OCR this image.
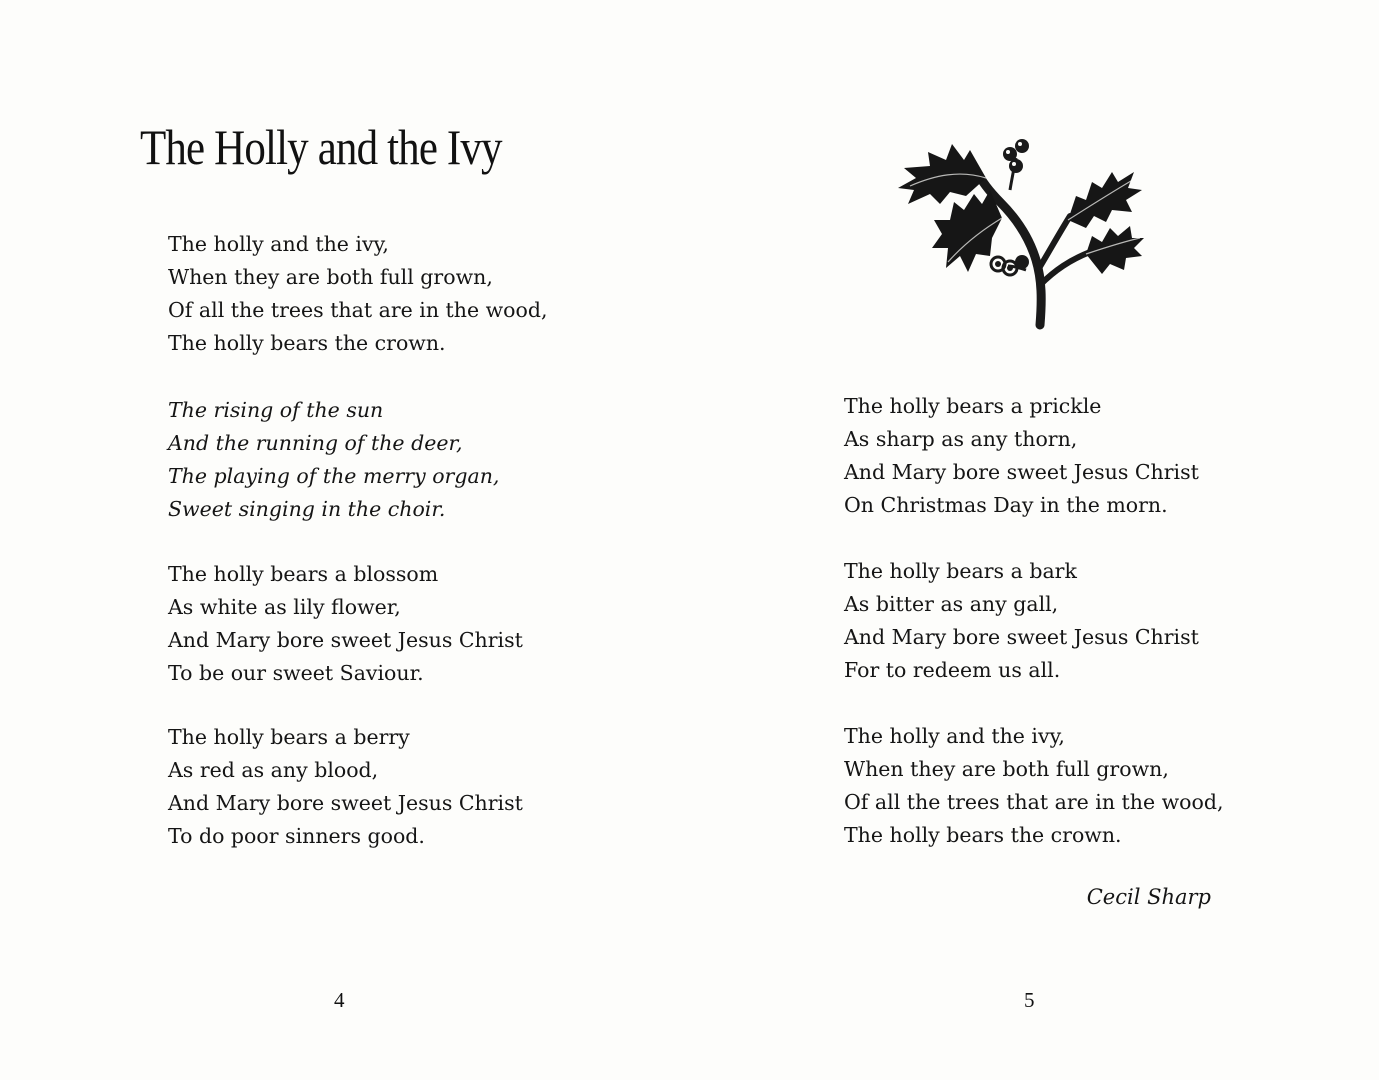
The Holly and the Ivy
The holly and the ivy,
When they are both full grown,
Of all the trees that are in the wood,
The holly bears the crown.
The rising of the sun
And the running of the deer,
The playing of the merry organ,
Sweet singing in the choir.
The holly bears a blossom
As white as lily flower,
And Mary bore sweet Jesus Christ
To be our sweet Saviour.
The holly bears a berry
As red as any blood,
And Mary bore sweet Jesus Christ
To do poor sinners good.
4
The holly bears a prickle
As sharp as any thorn,
And Mary bore sweet Jesus Christ
On Christmas Day in the morn.
The holly bears a bark
As bitter as any gall,
And Mary bore sweet Jesus Christ
For to redeem us all.
The holly and the ivy,
When they are both full grown,
Of all the trees that are in the wood,
The holly bears the crown.
Cecil Sharp
5
